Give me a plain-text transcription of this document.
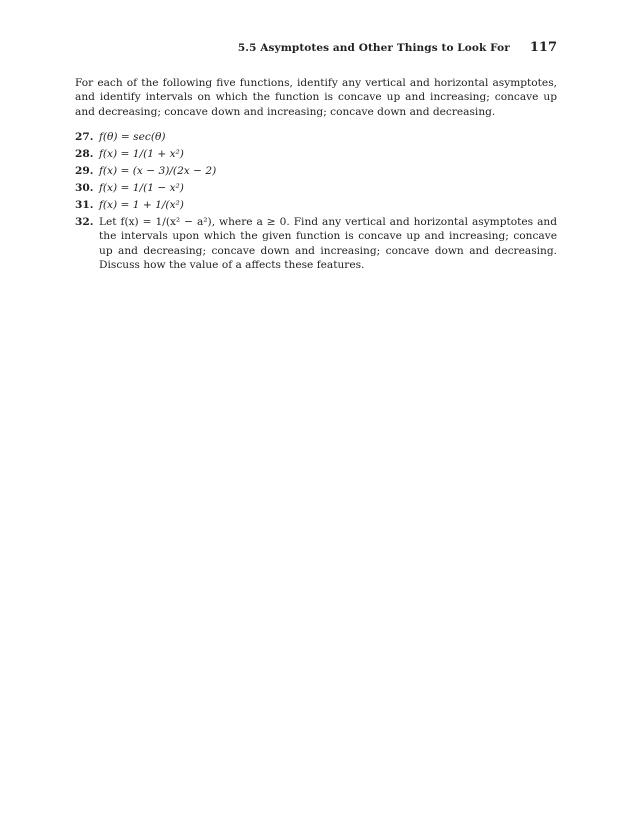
5.5 Asymptotes and Other Things to Look For 117

For each of the following five functions, identify any vertical and horizontal asymptotes, and identify intervals on which the function is concave up and increasing; concave up and decreasing; concave down and increasing; concave down and decreasing.

27. f(θ) = sec(θ)
28. f(x) = 1/(1 + x²)
29. f(x) = (x − 3)/(2x − 2)
30. f(x) = 1/(1 − x²)
31. f(x) = 1 + 1/(x²)
32. Let f(x) = 1/(x² − a²), where a ≥ 0. Find any vertical and horizontal asymptotes and the intervals upon which the given function is concave up and increasing; concave up and decreasing; concave down and increasing; concave down and decreasing. Discuss how the value of a affects these features.
